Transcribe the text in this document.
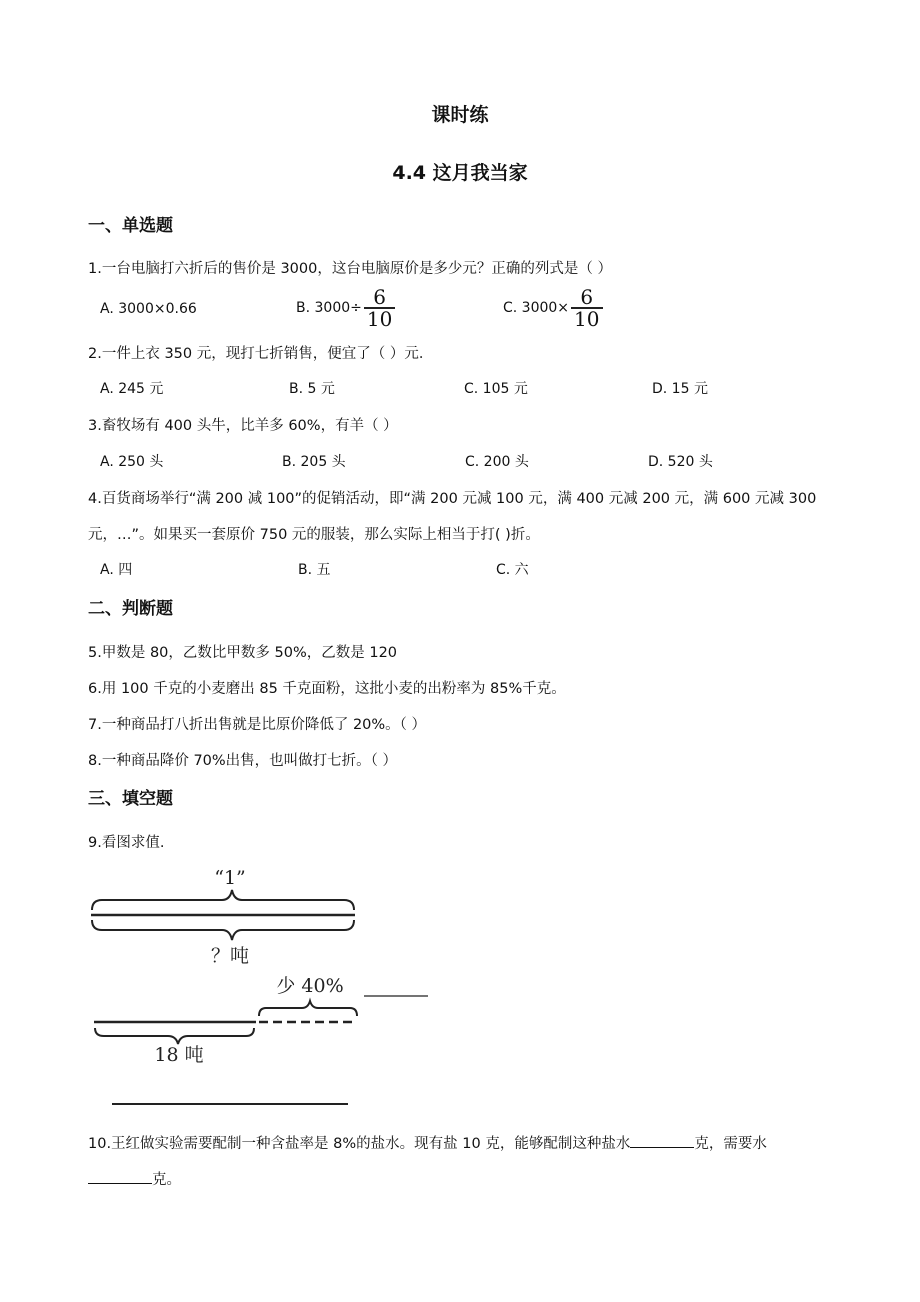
课时练
4.4 这月我当家
一、单选题
1.一台电脑打六折后的售价是 3000，这台电脑原价是多少元？正确的列式是（ ）
A. 3000×0.66	B. $3000\div \frac{6}{10}$	C. $3000\times \frac{6}{10}$
2.一件上衣 350 元，现打七折销售，便宜了（ ）元．
A. 245 元	B. 5 元	C. 105 元	D. 15 元
3.畜牧场有 400 头牛，比羊多 60%，有羊（ ）
A. 250 头	B. 205 头	C. 200 头	D. 520 头
4.百货商场举行“满 200 减 100”的促销活动，即“满 200 元减 100 元，满 400 元减 200 元，满 600 元减 300
元，…”。如果买一套原价 750 元的服装，那么实际上相当于打( )折。
A. 四	B. 五	C. 六
二、判断题
5.甲数是 80，乙数比甲数多 50%，乙数是 120
6.用 100 千克的小麦磨出 85 千克面粉，这批小麦的出粉率为 85%千克。
7.一种商品打八折出售就是比原价降低了 20%。（ ）
8.一种商品降价 70%出售，也叫做打七折。（ ）
三、填空题
9.看图求值.
“1”
？吨
少 40%
18 吨
10.王红做实验需要配制一种含盐率是 8%的盐水。现有盐 10 克，能够配制这种盐水	克，需要水
克。
